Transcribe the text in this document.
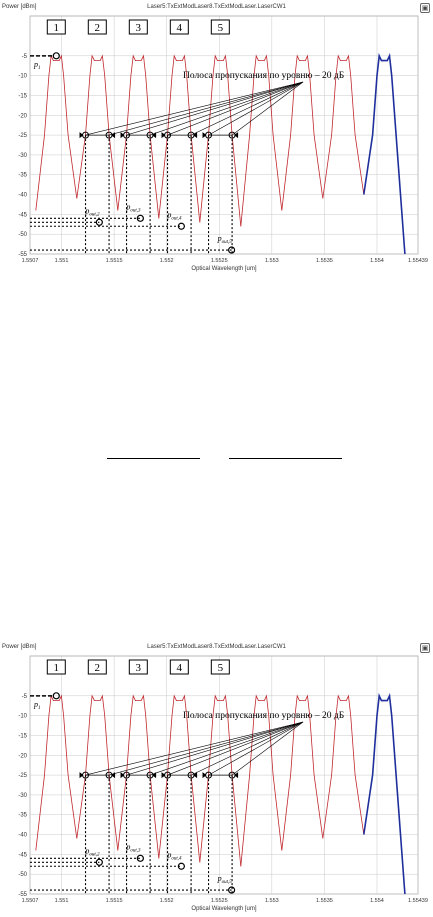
Power [dBm]	Laser5:TxExtModLaser8.TxExtModLaser.LaserCW1	▣
-5
-10
-15
-20
-25
-30
-35
-40
-45
-50
-55
1.5507	1.551	1.5515	1.552	1.5525	1.553	1.5535	1.554	1.55439
Optical Wavelength [um]
1	2	3	4	5
$p_1$
Полоса пропускания по уровню – 20 дБ
$p_{out,2}$
$p_{out,3}$	$p_{out,4}$
$p_{out,5}$
Power [dBm]	Laser5:TxExtModLaser8.TxExtModLaser.LaserCW1	▣
-5
-10
-15
-20
-25
-30
-35
-40
-45
-50
-55
1.5507	1.551	1.5515	1.552	1.5525	1.553	1.5535	1.554	1.55439
Optical Wavelength [um]
1	2	3	4	5
$p_1$
Полоса пропускания по уровню – 20 дБ
$p_{out,2}$
$p_{out,3}$	$p_{out,4}$
$p_{out,5}$
